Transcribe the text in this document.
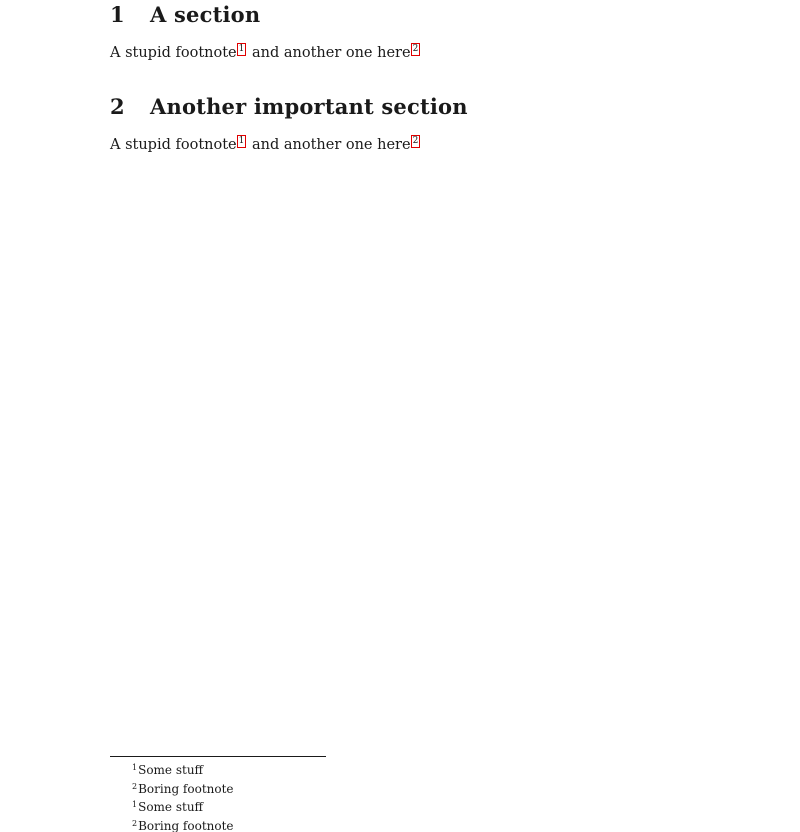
1 A section

A stupid footnote 1 and another one here 2

2 Another important section

A stupid footnote 1 and another one here 2

$^1$Some stuff
$^2$Boring footnote
$^1$Some stuff
$^2$Boring footnote
